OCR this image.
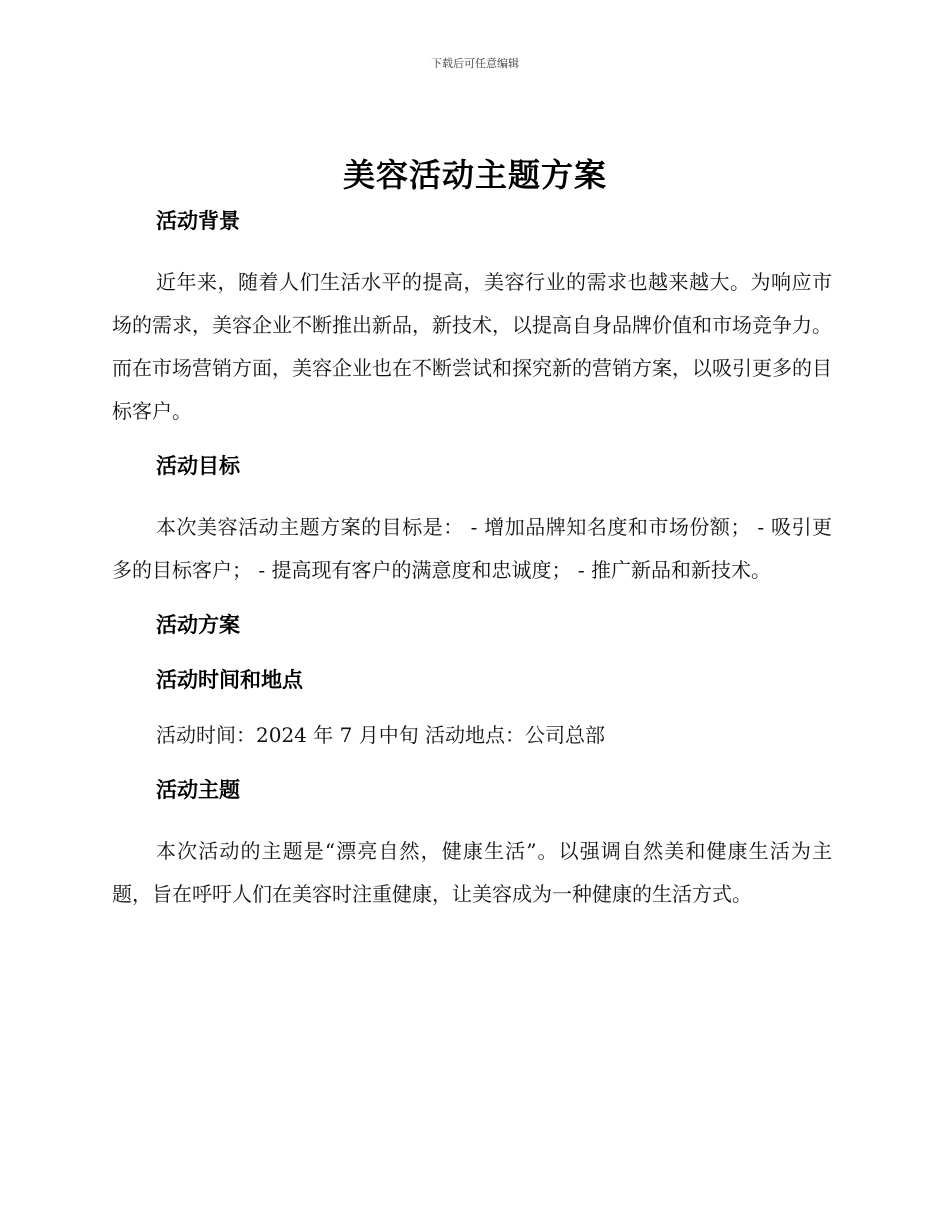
下载后可任意编辑
美容活动主题方案
活动背景

近年来，随着人们生活水平的提高，美容行业的需求也越来越大。为响应市场的需求，美容企业不断推出新品，新技术，以提高自身品牌价值和市场竞争力。而在市场营销方面，美容企业也在不断尝试和探究新的营销方案，以吸引更多的目标客户。

活动目标

本次美容活动主题方案的目标是： - 增加品牌知名度和市场份额； - 吸引更多的目标客户； - 提高现有客户的满意度和忠诚度； - 推广新品和新技术。

活动方案
活动时间和地点

活动时间：2024 年 7 月中旬 活动地点：公司总部

活动主题

本次活动的主题是“漂亮自然，健康生活”。以强调自然美和健康生活为主题，旨在呼吁人们在美容时注重健康，让美容成为一种健康的生活方式。
